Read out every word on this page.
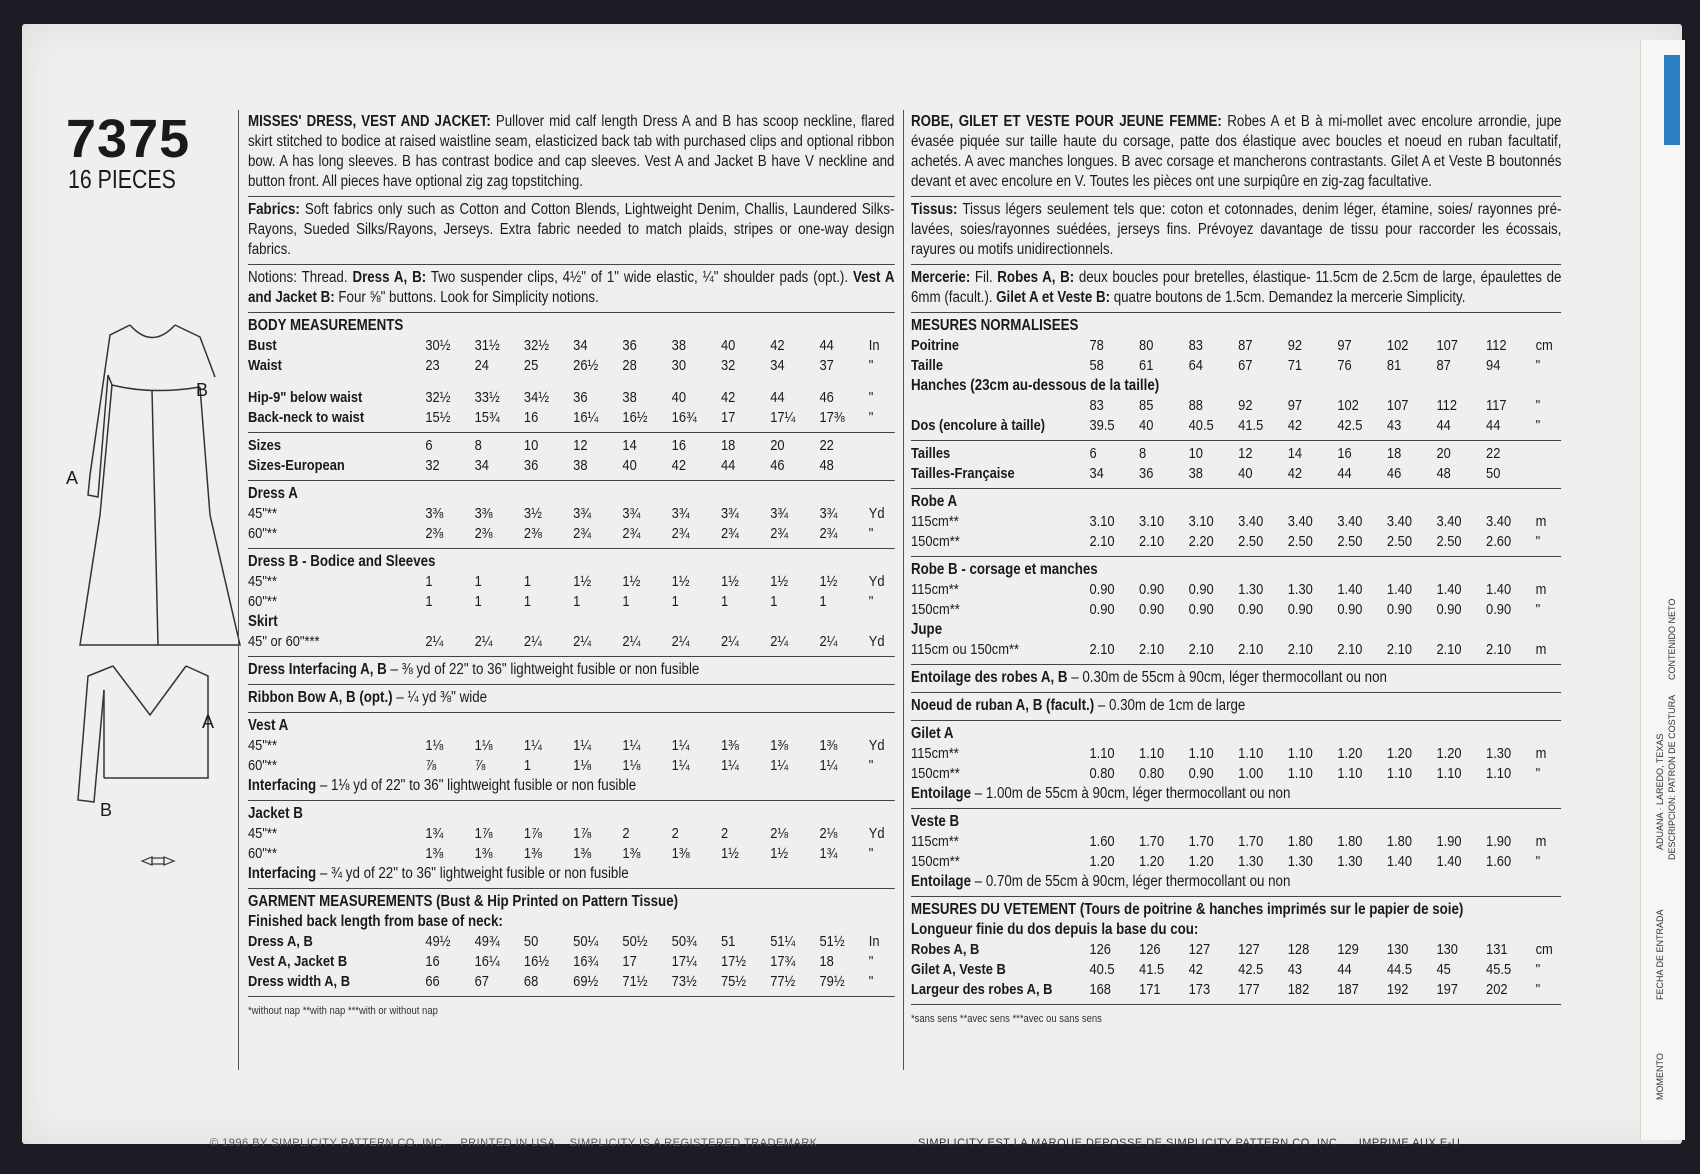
ADUANA · LAREDO, TEXAS DESCRIPCION: PATRON DE COSTURA
FECHA DE ENTRADA
CONTENIDO NETO
MOMENTO
7375
16 PIECES
B
A
A
B

MISSES' DRESS, VEST AND JACKET: Pullover mid calf length Dress A and B has scoop neckline, flared skirt stitched to bodice at raised waistline seam, elasticized back tab with purchased clips and optional ribbon bow. A has long sleeves. B has contrast bodice and cap sleeves. Vest A and Jacket B have V neckline and button front. All pieces have optional zig zag topstitching.

Fabrics: Soft fabrics only such as Cotton and Cotton Blends, Lightweight Denim, Challis, Laundered Silks-Rayons, Sueded Silks/Rayons, Jerseys. Extra fabric needed to match plaids, stripes or one-way design fabrics.

Notions: Thread. Dress A, B: Two suspender clips, 4½" of 1" wide elastic, ¼" shoulder pads (opt.). Vest A and Jacket B: Four ⅝" buttons. Look for Simplicity notions.

BODY MEASUREMENTS
Bust	30½	31½	32½	34	36	38	40	42	44	In
Waist	23	24	25	26½	28	30	32	34	37	"
Hip-9" below waist	32½	33½	34½	36	38	40	42	44	46	"
Back-neck to waist	15½	15¾	16	16¼	16½	16¾	17	17¼	17⅜	"
Sizes	6	8	10	12	14	16	18	20	22	
Sizes-European	32	34	36	38	40	42	44	46	48	
Dress A
45"**	3⅜	3⅜	3½	3¾	3¾	3¾	3¾	3¾	3¾	Yd
60"**	2⅜	2⅜	2⅜	2¾	2¾	2¾	2¾	2¾	2¾	"
Dress B - Bodice and Sleeves
45"**	1	1	1	1½	1½	1½	1½	1½	1½	Yd
60"**	1	1	1	1	1	1	1	1	1	"
Skirt
45" or 60"***	2¼	2¼	2¼	2¼	2¼	2¼	2¼	2¼	2¼	Yd
Dress Interfacing A, B – ⅜ yd of 22" to 36" lightweight fusible or non fusible
Ribbon Bow A, B (opt.) – ¼ yd ⅜" wide
Vest A
45"**	1⅛	1⅛	1¼	1¼	1¼	1¼	1⅜	1⅜	1⅜	Yd
60"**	⅞	⅞	1	1⅛	1⅛	1¼	1¼	1¼	1¼	"
Interfacing – 1⅛ yd of 22" to 36" lightweight fusible or non fusible
Jacket B
45"**	1¾	1⅞	1⅞	1⅞	2	2	2	2⅛	2⅛	Yd
60"**	1⅜	1⅜	1⅜	1⅜	1⅜	1⅜	1½	1½	1¾	"
Interfacing – ¾ yd of 22" to 36" lightweight fusible or non fusible
GARMENT MEASUREMENTS (Bust & Hip Printed on Pattern Tissue)
Finished back length from base of neck:
Dress A, B	49½	49¾	50	50¼	50½	50¾	51	51¼	51½	In
Vest A, Jacket B	16	16¼	16½	16¾	17	17¼	17½	17¾	18	"
Dress width A, B	66	67	68	69½	71½	73½	75½	77½	79½	"
*without nap **with nap ***with or without nap

ROBE, GILET ET VESTE POUR JEUNE FEMME: Robes A et B à mi-mollet avec encolure arrondie, jupe évasée piquée sur taille haute du corsage, patte dos élastique avec boucles et noeud en ruban facultatif, achetés. A avec manches longues. B avec corsage et mancherons contrastants. Gilet A et Veste B boutonnés devant et avec encolure en V. Toutes les pièces ont une surpiqûre en zig-zag facultative.

Tissus: Tissus légers seulement tels que: coton et cotonnades, denim léger, étamine, soies/ rayonnes pré-lavées, soies/rayonnes suédées, jerseys fins. Prévoyez davantage de tissu pour raccorder les écossais, rayures ou motifs unidirectionnels.

Mercerie: Fil. Robes A, B: deux boucles pour bretelles, élastique- 11.5cm de 2.5cm de large, épaulettes de 6mm (facult.). Gilet A et Veste B: quatre boutons de 1.5cm. Demandez la mercerie Simplicity.

MESURES NORMALISEES
Poitrine	78	80	83	87	92	97	102	107	112	cm
Taille	58	61	64	67	71	76	81	87	94	"
Hanches (23cm au-dessous de la taille)
	83	85	88	92	97	102	107	112	117	"
Dos (encolure à taille)	39.5	40	40.5	41.5	42	42.5	43	44	44	"
Tailles	6	8	10	12	14	16	18	20	22	
Tailles-Française	34	36	38	40	42	44	46	48	50	
Robe A
115cm**	3.10	3.10	3.10	3.40	3.40	3.40	3.40	3.40	3.40	m
150cm**	2.10	2.10	2.20	2.50	2.50	2.50	2.50	2.50	2.60	"
Robe B - corsage et manches
115cm**	0.90	0.90	0.90	1.30	1.30	1.40	1.40	1.40	1.40	m
150cm**	0.90	0.90	0.90	0.90	0.90	0.90	0.90	0.90	0.90	"
Jupe
115cm ou 150cm**	2.10	2.10	2.10	2.10	2.10	2.10	2.10	2.10	2.10	m
Entoilage des robes A, B – 0.30m de 55cm à 90cm, léger thermocollant ou non
Noeud de ruban A, B (facult.) – 0.30m de 1cm de large
Gilet A
115cm**	1.10	1.10	1.10	1.10	1.10	1.20	1.20	1.20	1.30	m
150cm**	0.80	0.80	0.90	1.00	1.10	1.10	1.10	1.10	1.10	"
Entoilage – 1.00m de 55cm à 90cm, léger thermocollant ou non
Veste B
115cm**	1.60	1.70	1.70	1.70	1.80	1.80	1.80	1.90	1.90	m
150cm**	1.20	1.20	1.20	1.30	1.30	1.30	1.40	1.40	1.60	"
Entoilage – 0.70m de 55cm à 90cm, léger thermocollant ou non
MESURES DU VETEMENT (Tours de poitrine & hanches imprimés sur le papier de soie)
Longueur finie du dos depuis la base du cou:
Robes A, B	126	126	127	127	128	129	130	130	131	cm
Gilet A, Veste B	40.5	41.5	42	42.5	43	44	44.5	45	45.5	"
Largeur des robes A, B	168	171	173	177	182	187	192	197	202	"
*sans sens **avec sens ***avec ou sans sens
© 1996 BY SIMPLICITY PATTERN CO. INC. PRINTED IN USA SIMPLICITY IS A REGISTERED TRADEMARK	SIMPLICITY EST LA MARQUE DEPOSSE DE SIMPLICITY PATTERN CO. INC. IMPRIME AUX E-U
